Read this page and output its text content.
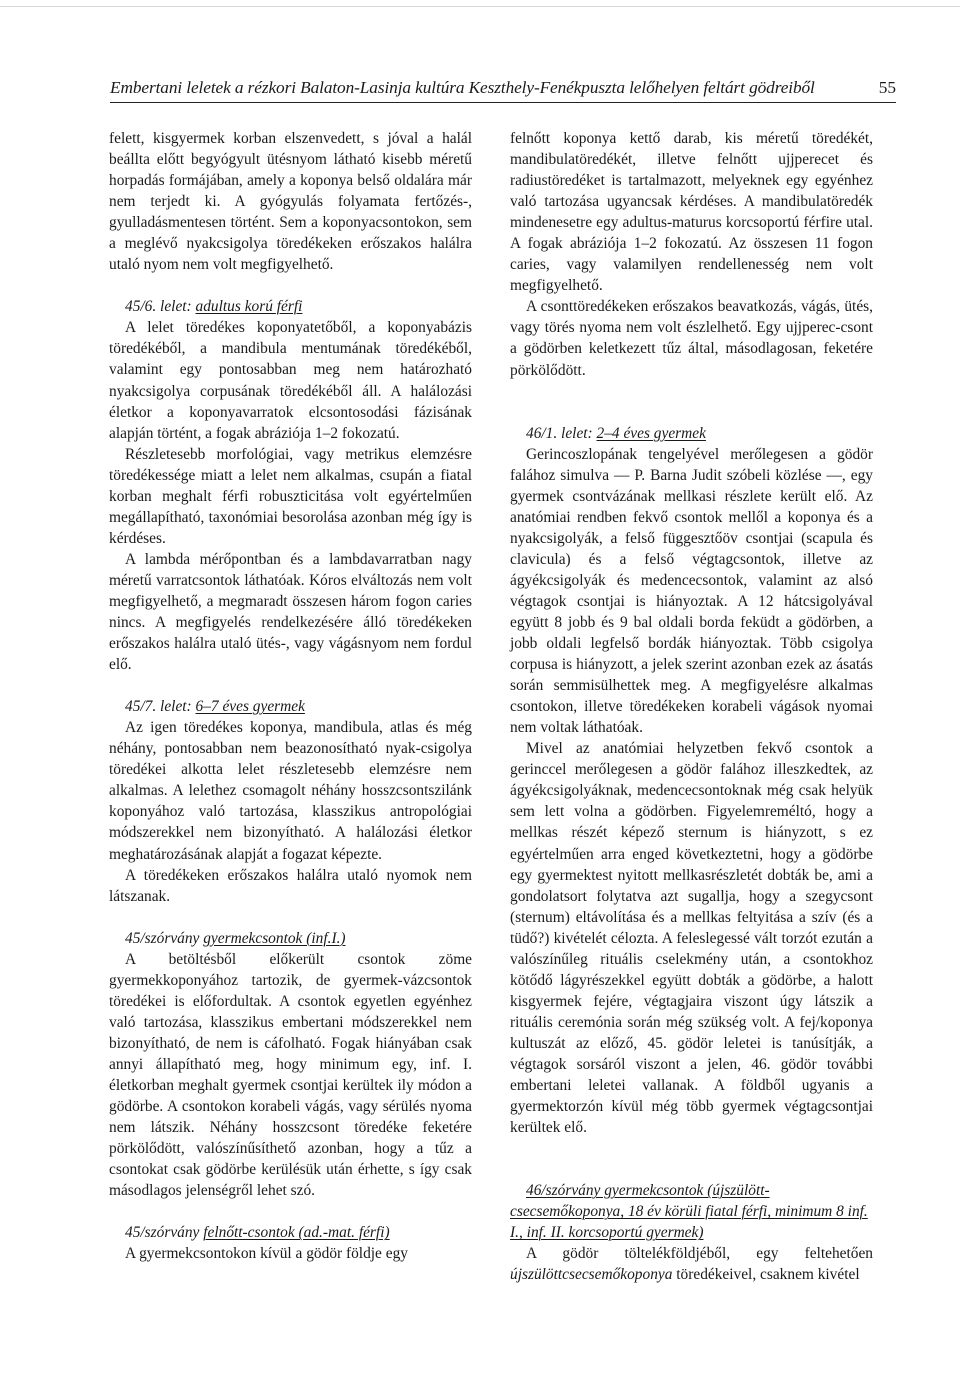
Embertani leletek a rézkori Balaton-Lasinja kultúra Keszthely-Fenékpuszta lelőhelyen feltárt gödreiből	55

felett, kisgyermek korban elszenvedett, s jóval a halál beállta előtt begyógyult ütésnyom látható kisebb méretű horpadás formájában, amely a koponya belső oldalára már nem terjedt ki. A gyógyulás folyamata fertőzés-, gyulladásmentesen történt. Sem a koponyacsontokon, sem a meglévő nyakcsigolya töredékeken erőszakos halálra utaló nyom nem volt megfigyelhető.

45/6. lelet: adultus korú férfi

A lelet töredékes koponyatetőből, a koponyabázis töredékéből, a mandibula mentumának töredékéből, valamint egy pontosabban meg nem határozható nyakcsigolya corpusának töredékéből áll. A halálozási életkor a koponyavarratok elcsontosodási fázisának alapján történt, a fogak abráziója 1–2 fokozatú.

Részletesebb morfológiai, vagy metrikus elemzésre töredékessége miatt a lelet nem alkalmas, csupán a fiatal korban meghalt férfi robuszticitása volt egyértelműen megállapítható, taxonómiai besorolása azonban még így is kérdéses.

A lambda mérőpontban és a lambdavarratban nagy méretű varratcsontok láthatóak. Kóros elváltozás nem volt megfigyelhető, a megmaradt összesen három fogon caries nincs. A megfigyelés rendelkezésére álló töredékeken erőszakos halálra utaló ütés-, vagy vágásnyom nem fordul elő.

45/7. lelet: 6–7 éves gyermek

Az igen töredékes koponya, mandibula, atlas és még néhány, pontosabban nem beazonosítható nyak-csigolya töredékei alkotta lelet részletesebb elemzésre nem alkalmas. A lelethez csomagolt néhány hosszcsontszilánk koponyához való tartozása, klasszikus antropológiai módszerekkel nem bizonyítható. A halálozási életkor meghatározásának alapját a fogazat képezte.

A töredékeken erőszakos halálra utaló nyomok nem látszanak.

45/szórvány gyermekcsontok (inf.I.)

A betöltésből előkerült csontok zöme gyermekkoponyához tartozik, de gyermek-vázcsontok töredékei is előfordultak. A csontok egyetlen egyénhez való tartozása, klasszikus embertani módszerekkel nem bizonyítható, de nem is cáfolható. Fogak hiányában csak annyi állapítható meg, hogy minimum egy, inf. I. életkorban meghalt gyermek csontjai kerültek ily módon a gödörbe. A csontokon korabeli vágás, vagy sérülés nyoma nem látszik. Néhány hosszcsont töredéke feketére pörkölődött, valószínűsíthető azonban, hogy a tűz a csontokat csak gödörbe kerülésük után érhette, s így csak másodlagos jelenségről lehet szó.

45/szórvány felnőtt-csontok (ad.-mat. férfi)

A gyermekcsontokon kívül a gödör földje egy

felnőtt koponya kettő darab, kis méretű töredékét, mandibulatöredékét, illetve felnőtt ujjperecet és radiustöredéket is tartalmazott, melyeknek egy egyénhez való tartozása ugyancsak kérdéses. A mandibulatöredék mindenesetre egy adultus-maturus korcsoportú férfire utal. A fogak abráziója 1–2 fokozatú. Az összesen 11 fogon caries, vagy valamilyen rendellenesség nem volt megfigyelhető.

A csonttöredékeken erőszakos beavatkozás, vágás, ütés, vagy törés nyoma nem volt észlelhető. Egy ujjperec-csont a gödörben keletkezett tűz által, másodlagosan, feketére pörkölődött.

46/1. lelet: 2–4 éves gyermek

Gerincoszlopának tengelyével merőlegesen a gödör falához simulva — P. Barna Judit szóbeli közlése —, egy gyermek csontvázának mellkasi részlete került elő. Az anatómiai rendben fekvő csontok mellől a koponya és a nyakcsigolyák, a felső függesztőöv csontjai (scapula és clavicula) és a felső végtagcsontok, illetve az ágyékcsigolyák és medencecsontok, valamint az alsó végtagok csontjai is hiányoztak. A 12 hátcsigolyával együtt 8 jobb és 9 bal oldali borda feküdt a gödörben, a jobb oldali legfelső bordák hiányoztak. Több csigolya corpusa is hiányzott, a jelek szerint azonban ezek az ásatás során semmisülhettek meg. A megfigyelésre alkalmas csontokon, illetve töredékeken korabeli vágások nyomai nem voltak láthatóak.

Mivel az anatómiai helyzetben fekvő csontok a gerinccel merőlegesen a gödör falához illeszkedtek, az ágyékcsigolyáknak, medencecsontoknak még csak helyük sem lett volna a gödörben. Figyelemreméltó, hogy a mellkas részét képező sternum is hiányzott, s ez egyértelműen arra enged következtetni, hogy a gödörbe egy gyermektest nyitott mellkasrészletét dobták be, ami a gondolatsort folytatva azt sugallja, hogy a szegycsont (sternum) eltávolítása és a mellkas feltyitása a szív (és a tüdő?) kivételét célozta. A feleslegessé vált torzót ezután a valószínűleg rituális cselekmény után, a csontokhoz kötődő lágyrészekkel együtt dobták a gödörbe, a halott kisgyermek fejére, végtagjaira viszont úgy látszik a rituális ceremónia során még szükség volt. A fej/koponya kultuszát az előző, 45. gödör leletei is tanúsítják, a végtagok sorsáról viszont a jelen, 46. gödör további embertani leletei vallanak. A földből ugyanis a gyermektorzón kívül még több gyermek végtagcsontjai kerültek elő.

46/szórvány gyermekcsontok (újszülött-csecsemőkoponya, 18 év körüli fiatal férfi, minimum 8 inf. I., inf. II. korcsoportú gyermek)

A gödör töltelékföldjéből, egy feltehetően újszülöttcsecsemőkoponya töredékeivel, csaknem kivétel
